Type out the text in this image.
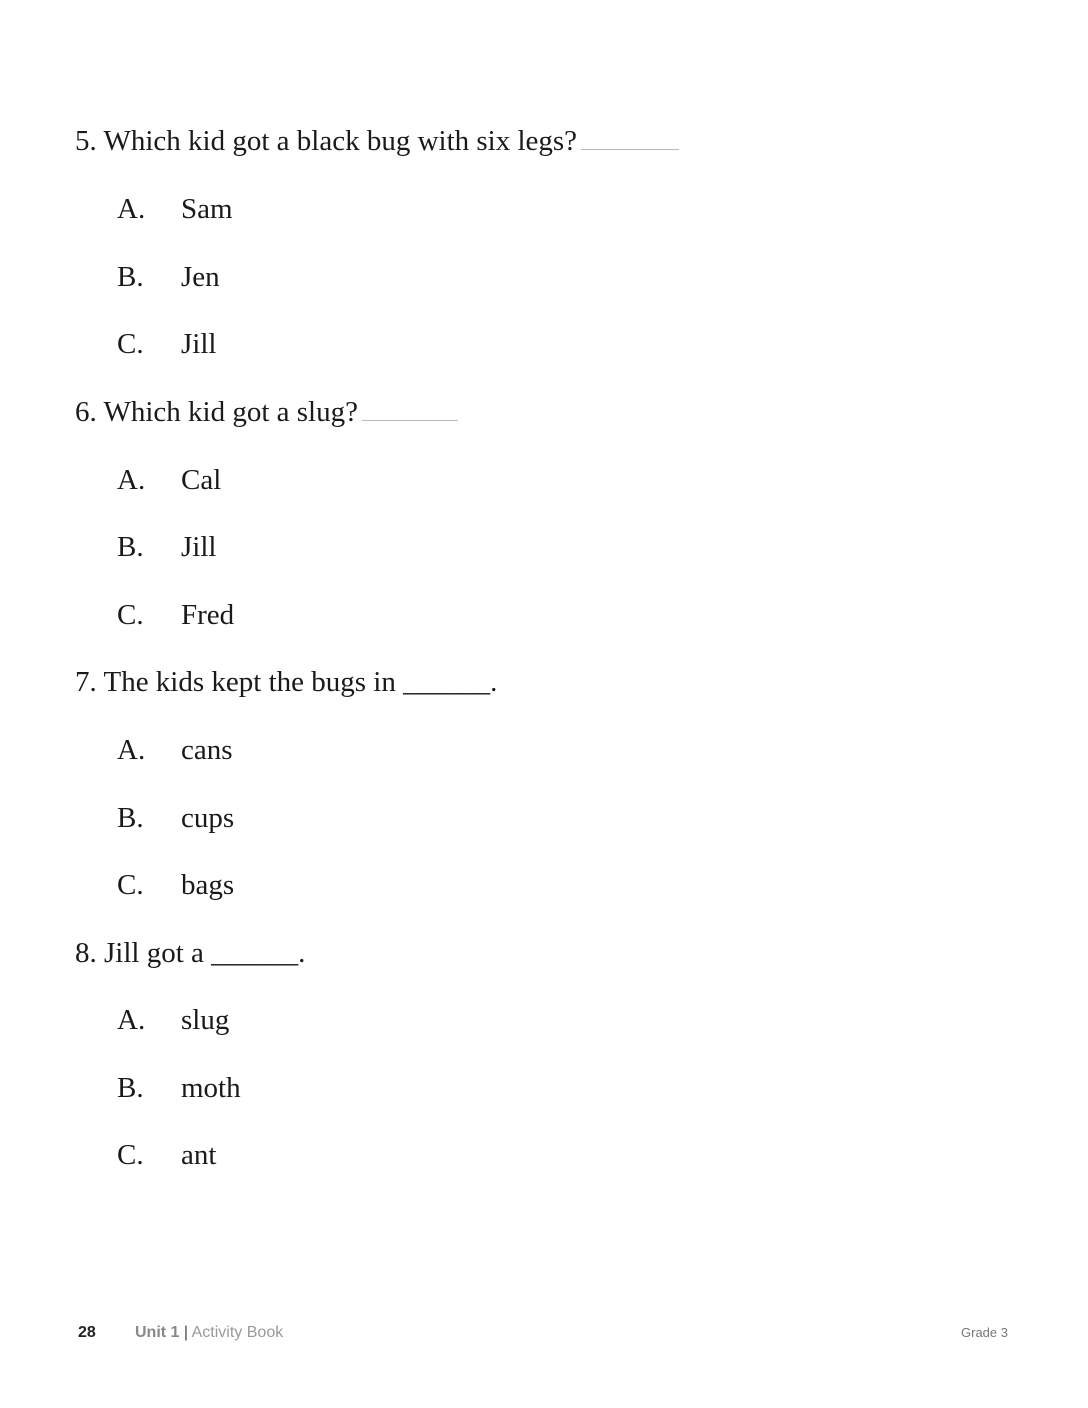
5. Which kid got a black bug with six legs?
A. Sam
B. Jen
C. Jill
6. Which kid got a slug?
A. Cal
B. Jill
C. Fred
7. The kids kept the bugs in ______.
A. cans
B. cups
C. bags
8. Jill got a ______.
A. slug
B. moth
C. ant
28 Unit 1 | Activity Book	Grade 3
